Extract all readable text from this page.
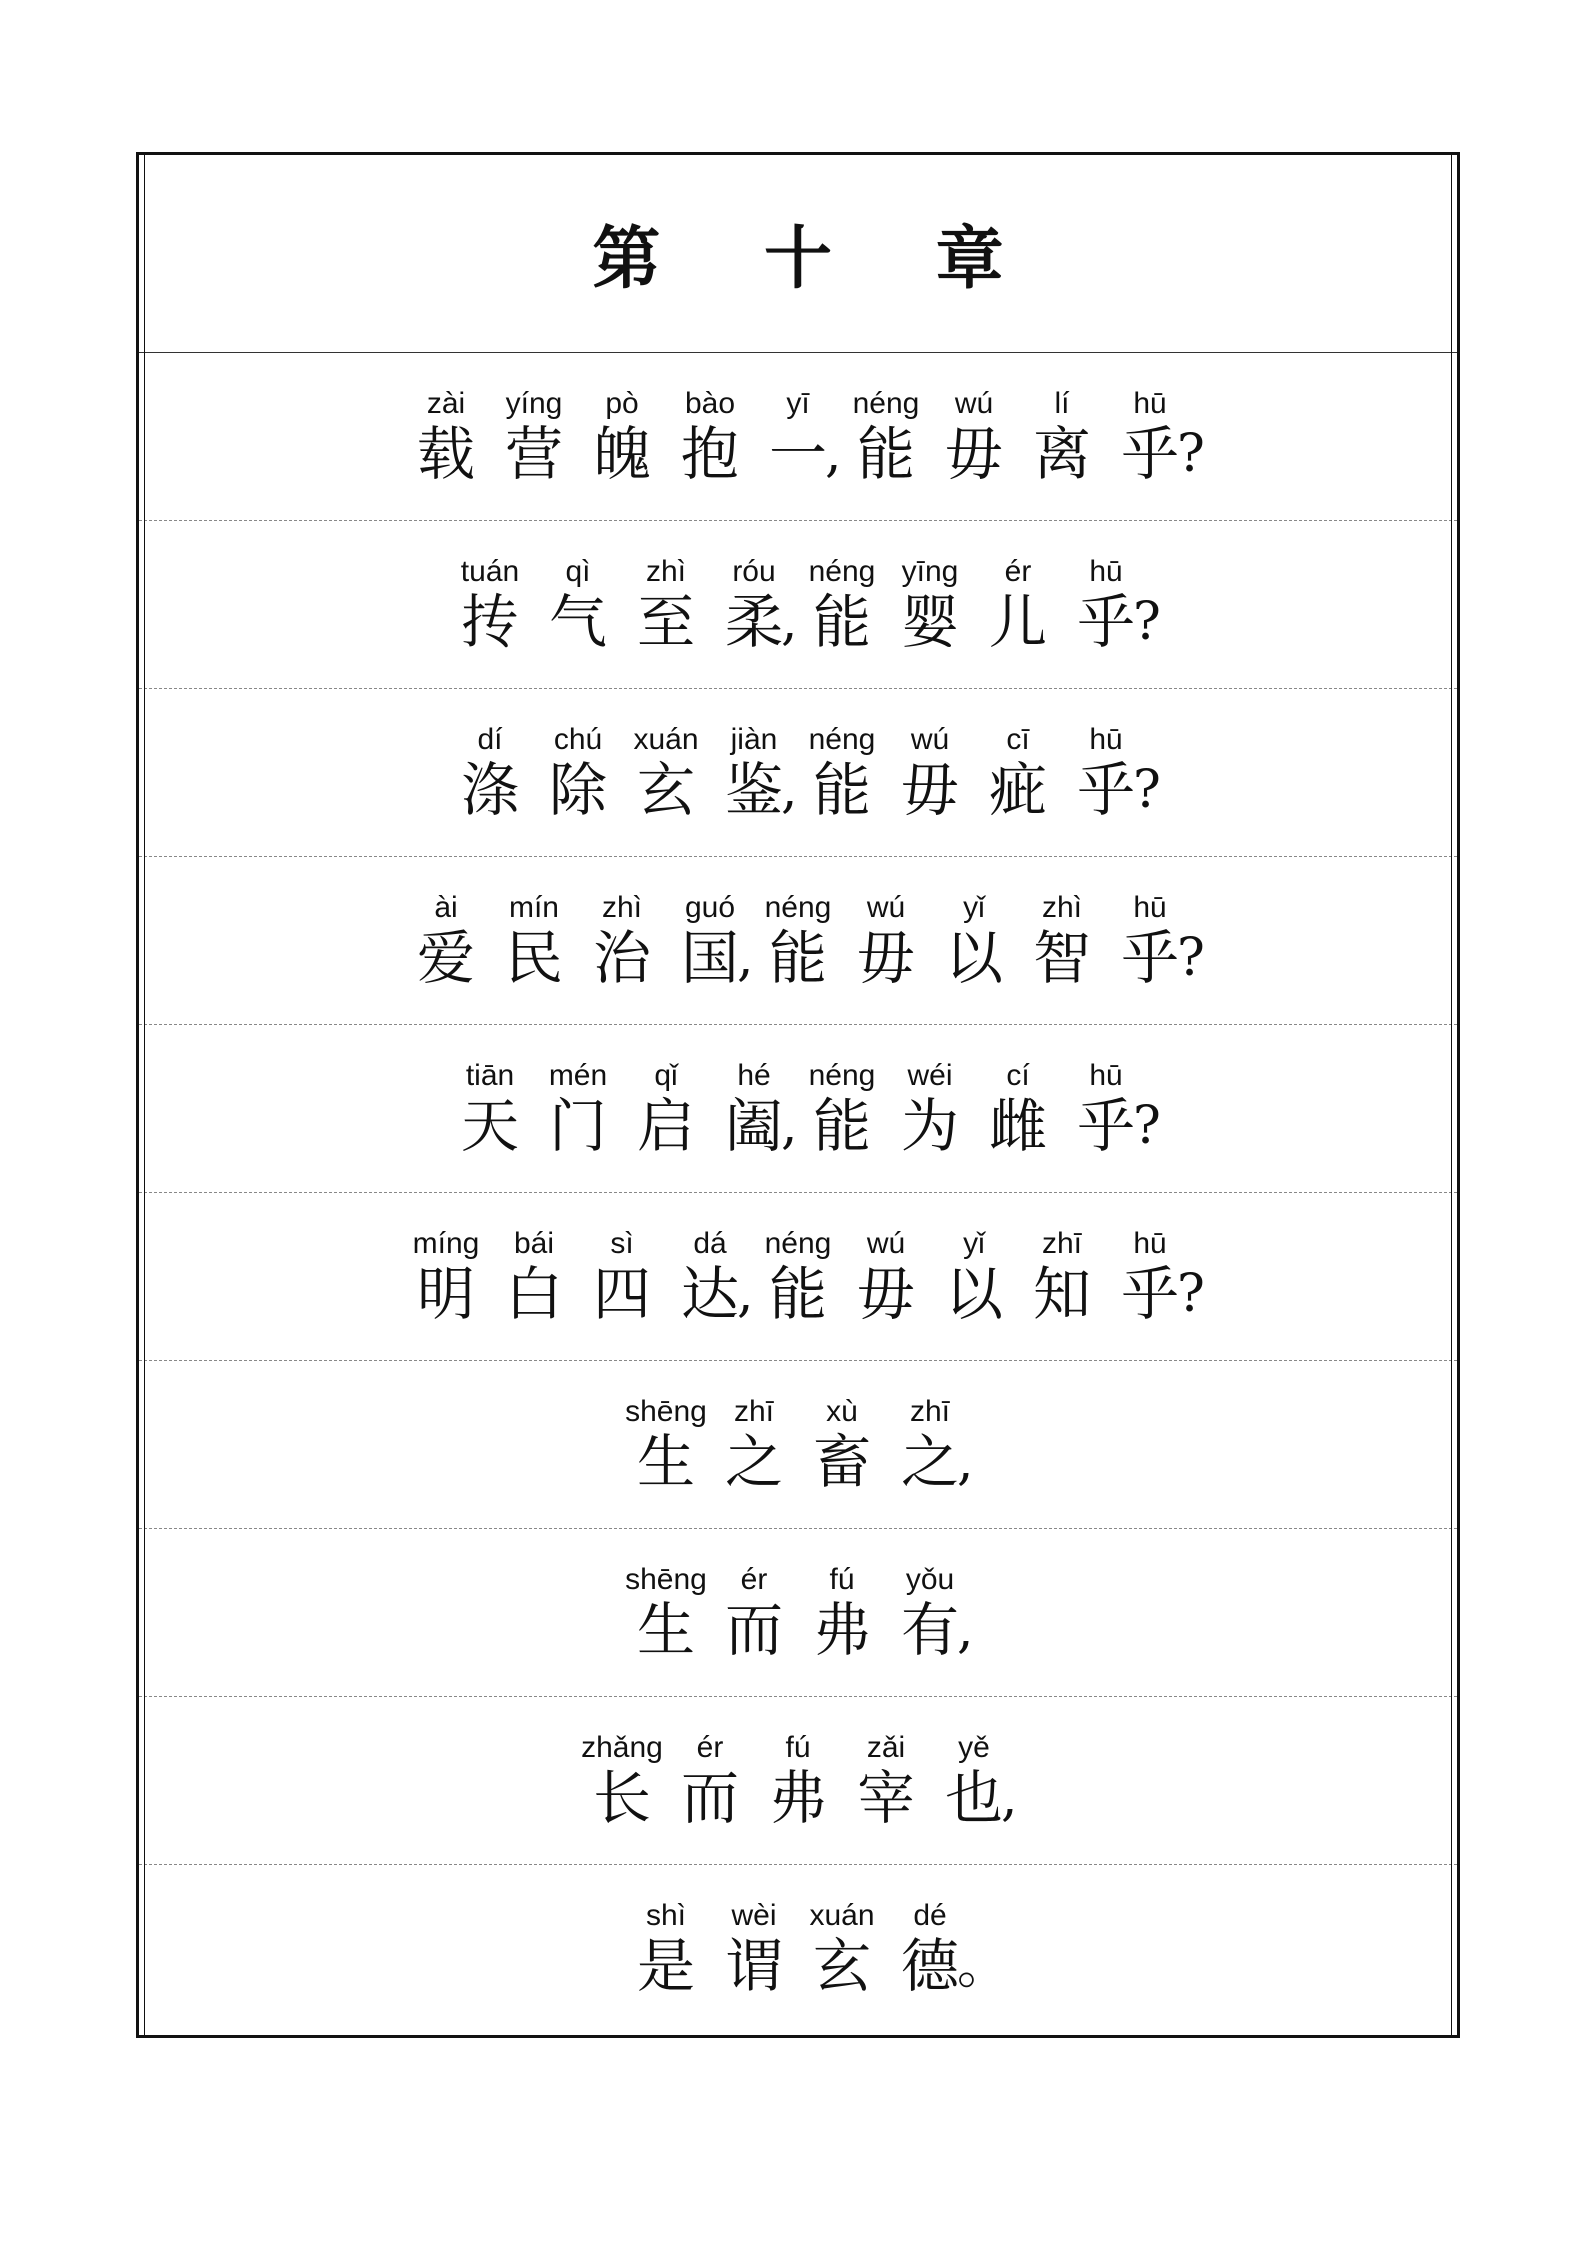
第 十 章
zài
载
yíng
营
pò
魄
bào
抱
yī
一
,
néng
能
wú
毋
lí
离
hū
乎
?
tuán
抟
qì
气
zhì
至
róu
柔
,
néng
能
yīng
婴
ér
儿
hū
乎
?
dí
涤
chú
除
xuán
玄
jiàn
鉴
,
néng
能
wú
毋
cī
疵
hū
乎
?
ài
爱
mín
民
zhì
治
guó
国
,
néng
能
wú
毋
yǐ
以
zhì
智
hū
乎
?
tiān
天
mén
门
qǐ
启
hé
阖
,
néng
能
wéi
为
cí
雌
hū
乎
?
míng
明
bái
白
sì
四
dá
达
,
néng
能
wú
毋
yǐ
以
zhī
知
hū
乎
?
shēng
生
zhī
之
xù
畜
zhī
之
,
shēng
生
ér
而
fú
弗
yǒu
有
,
zhǎng
长
ér
而
fú
弗
zǎi
宰
yě
也
,
shì
是
wèi
谓
xuán
玄
dé
德
。
